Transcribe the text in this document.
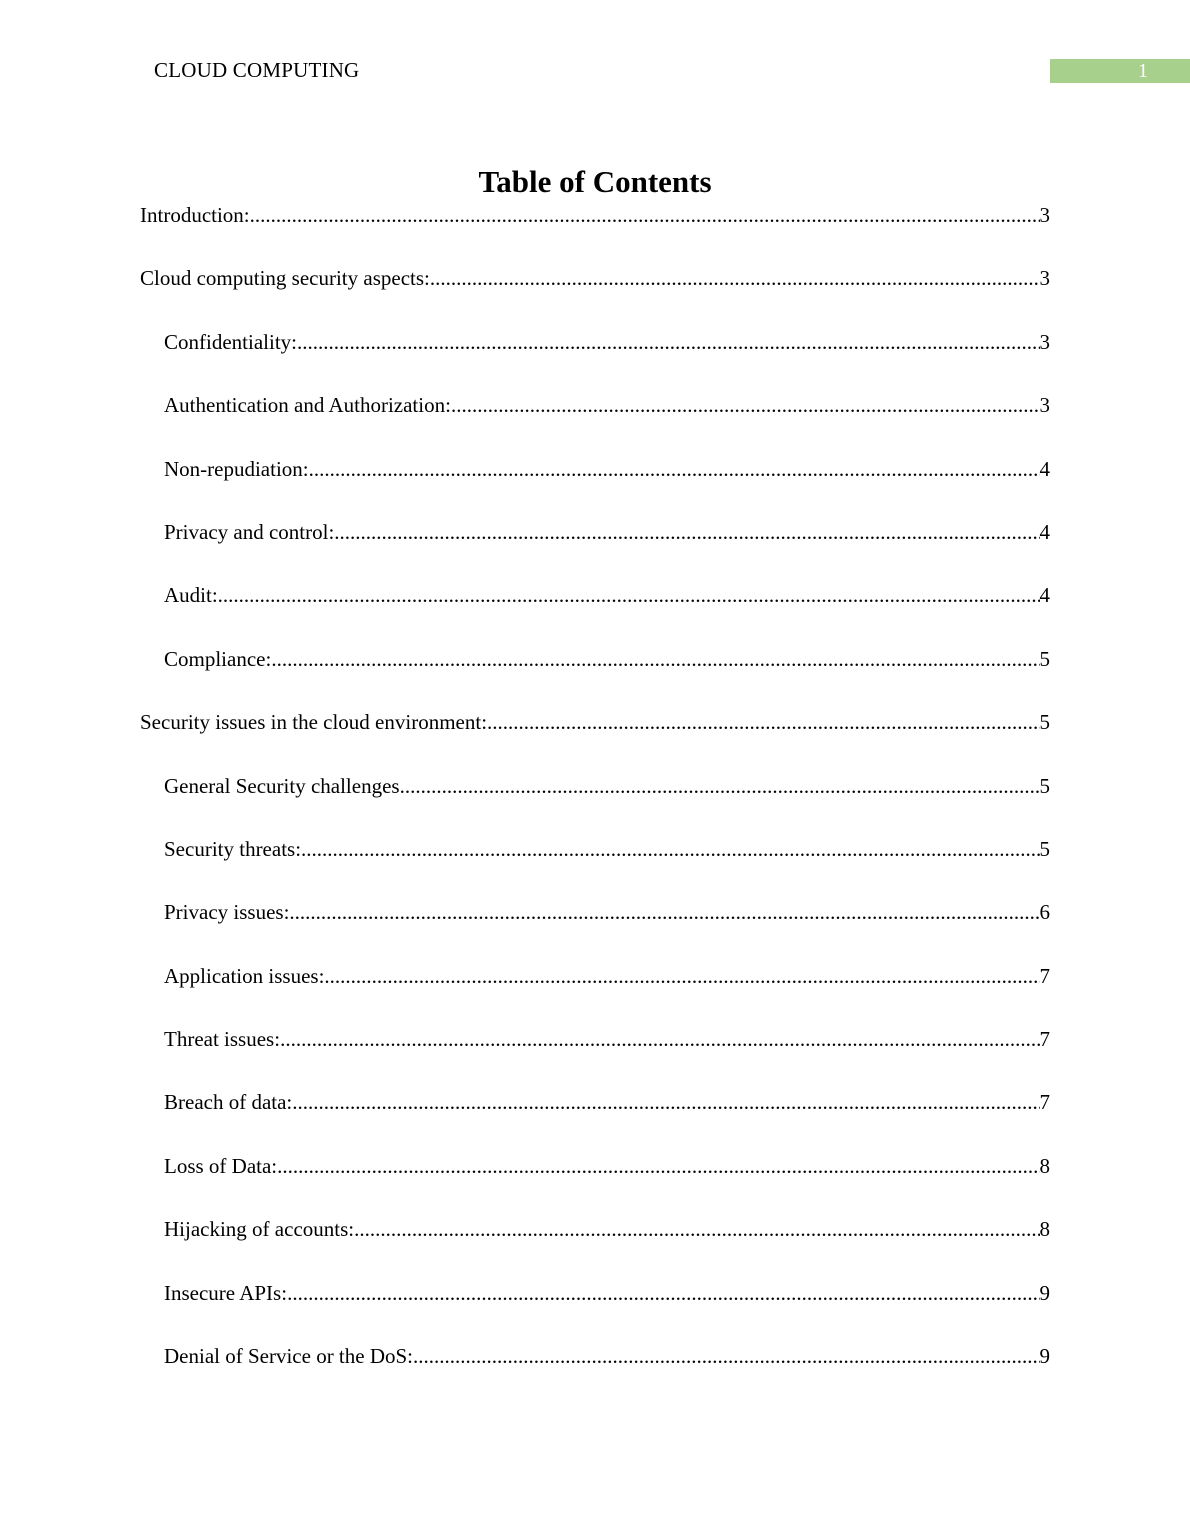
CLOUD COMPUTING	1
Table of Contents
Introduction: .....	3
Cloud computing security aspects: .....	3
Confidentiality: .....	3
Authentication and Authorization: .....	3
Non-repudiation: .....	4
Privacy and control: .....	4
Audit: .....	4
Compliance: .....	5
Security issues in the cloud environment: .....	5
General Security challenges .....	5
Security threats: .....	5
Privacy issues: .....	6
Application issues: .....	7
Threat issues: .....	7
Breach of data: .....	7
Loss of Data: .....	8
Hijacking of accounts: .....	8
Insecure APIs: .....	9
Denial of Service or the DoS: .....	9
